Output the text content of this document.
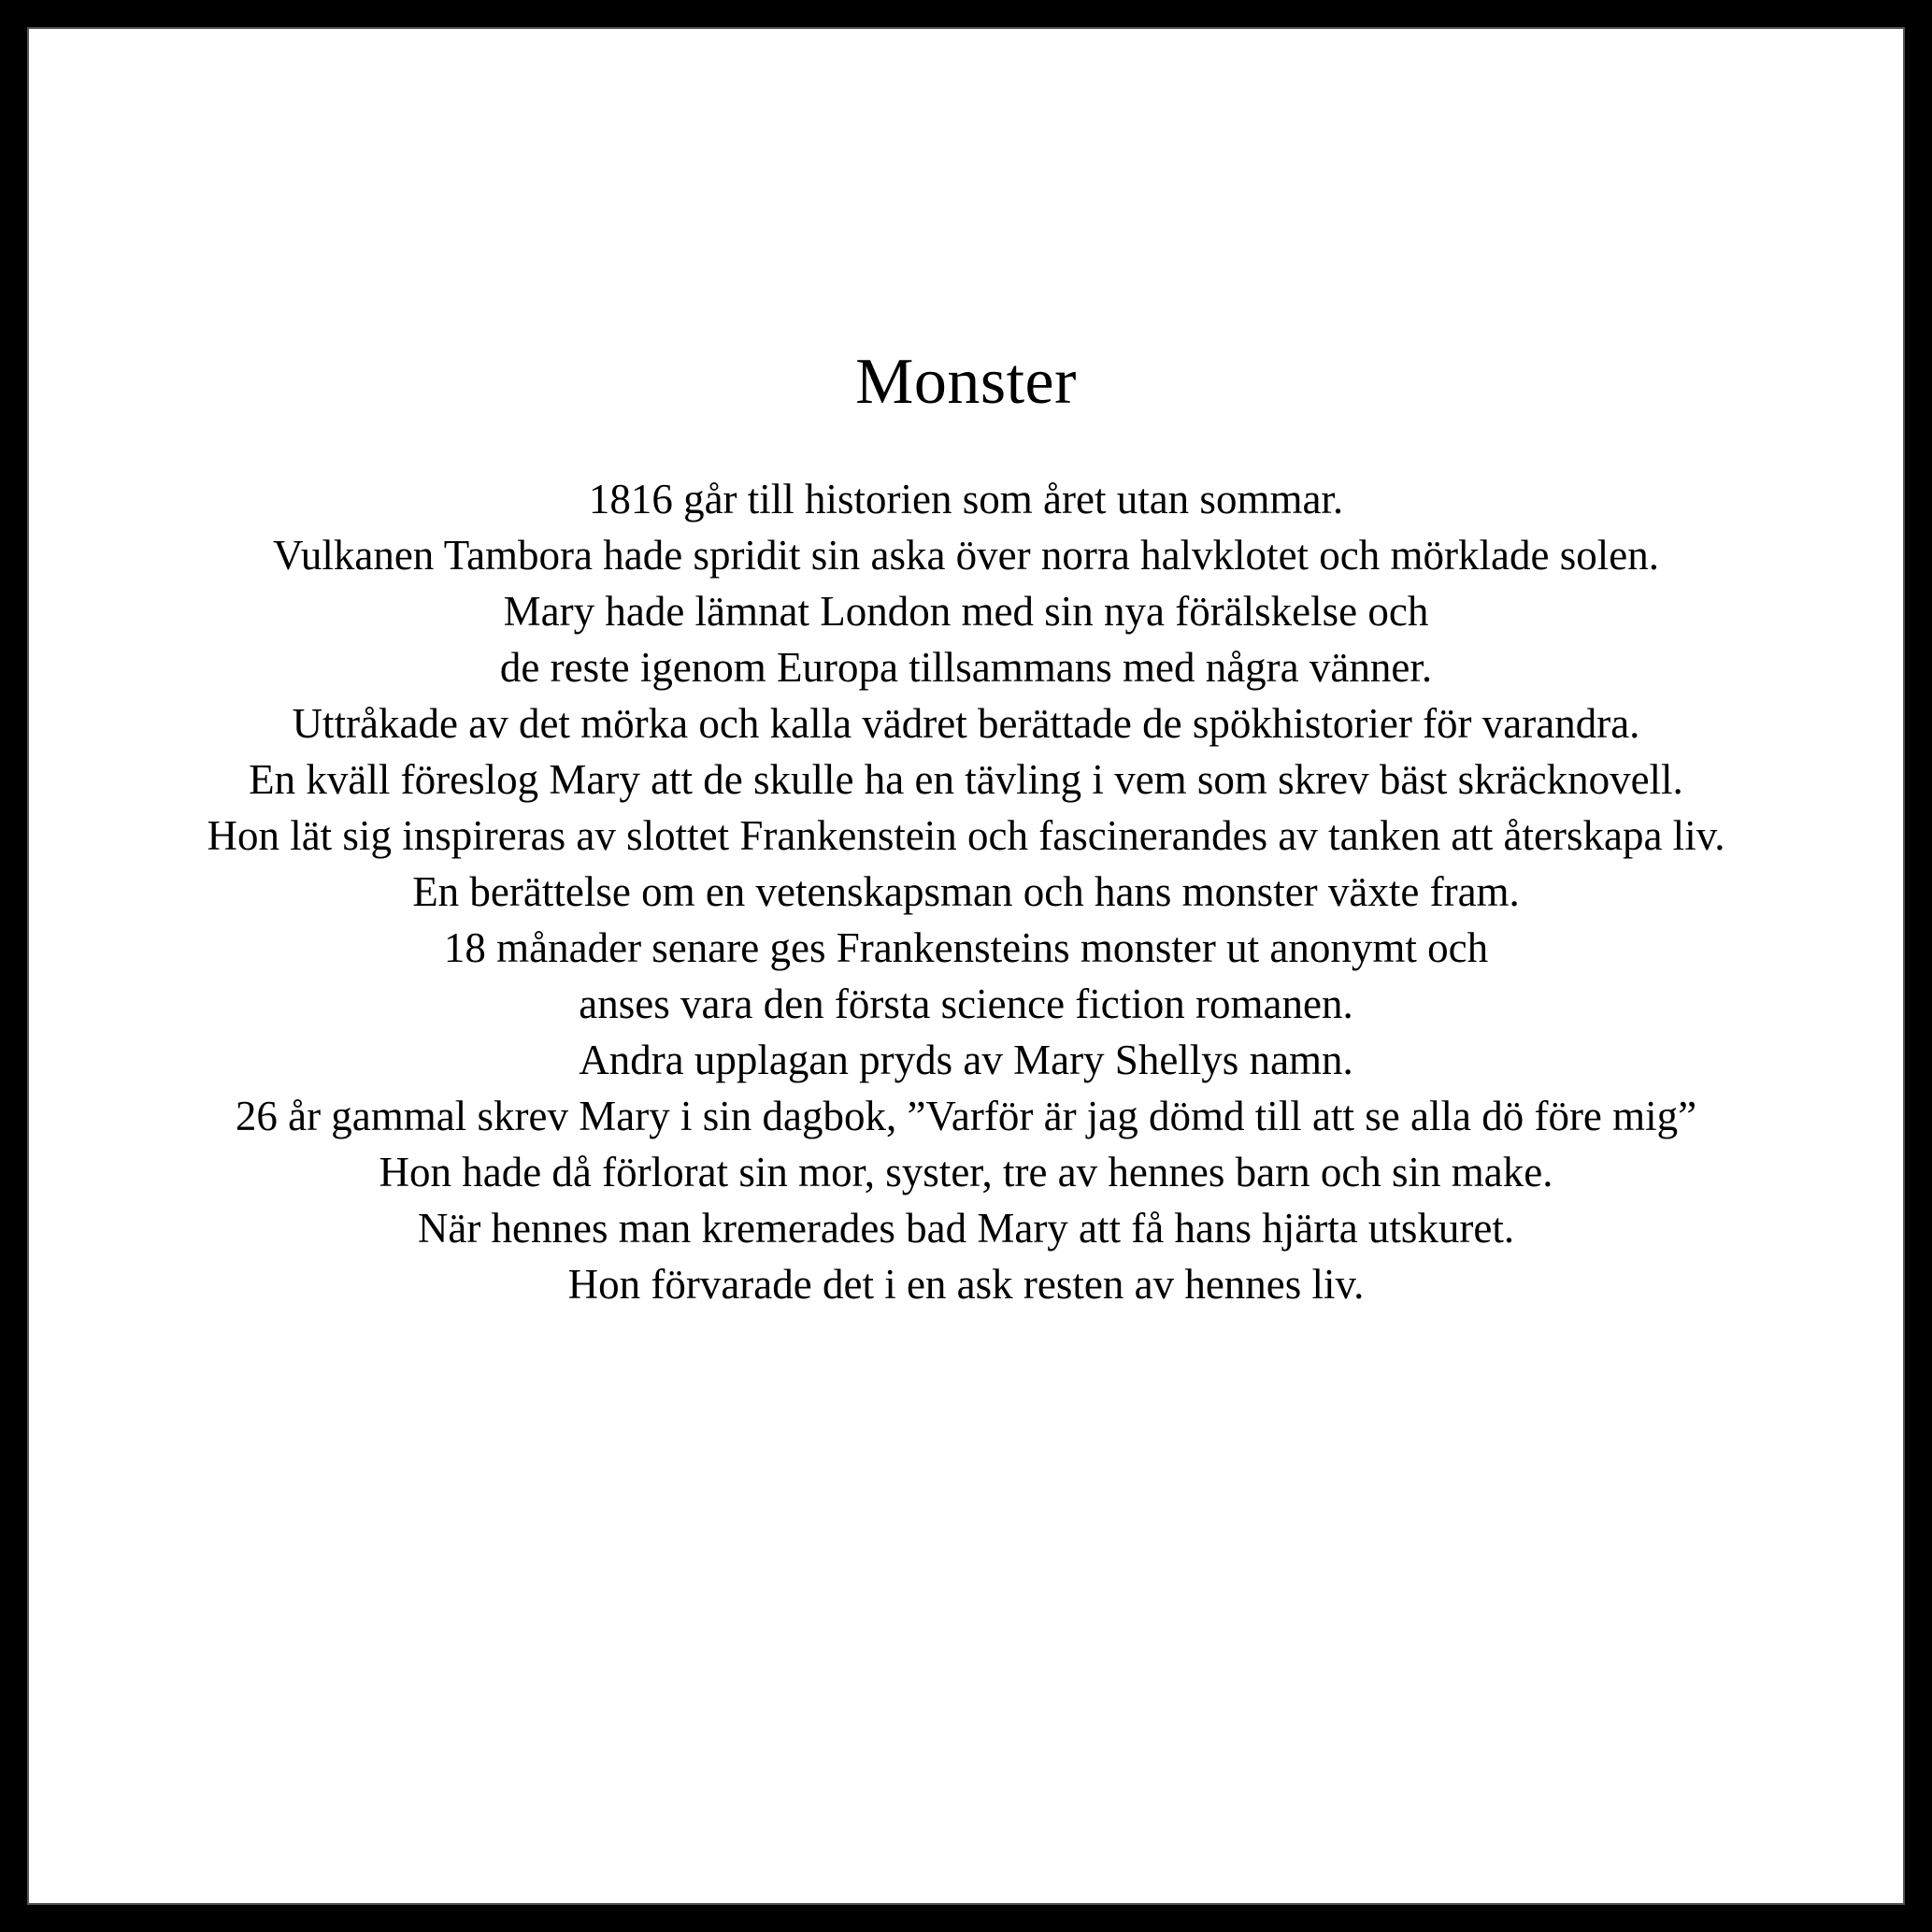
Monster
1816 går till historien som året utan sommar.
Vulkanen Tambora hade spridit sin aska över norra halvklotet och mörklade solen.
Mary hade lämnat London med sin nya förälskelse och
de reste igenom Europa tillsammans med några vänner.
Uttråkade av det mörka och kalla vädret berättade de spökhistorier för varandra.
En kväll föreslog Mary att de skulle ha en tävling i vem som skrev bäst skräcknovell.
Hon lät sig inspireras av slottet Frankenstein och fascinerandes av tanken att återskapa liv.
En berättelse om en vetenskapsman och hans monster växte fram.
18 månader senare ges Frankensteins monster ut anonymt och
anses vara den första science fiction romanen.
Andra upplagan pryds av Mary Shellys namn.
26 år gammal skrev Mary i sin dagbok, ”Varför är jag dömd till att se alla dö före mig”
Hon hade då förlorat sin mor, syster, tre av hennes barn och sin make.
När hennes man kremerades bad Mary att få hans hjärta utskuret.
Hon förvarade det i en ask resten av hennes liv.
